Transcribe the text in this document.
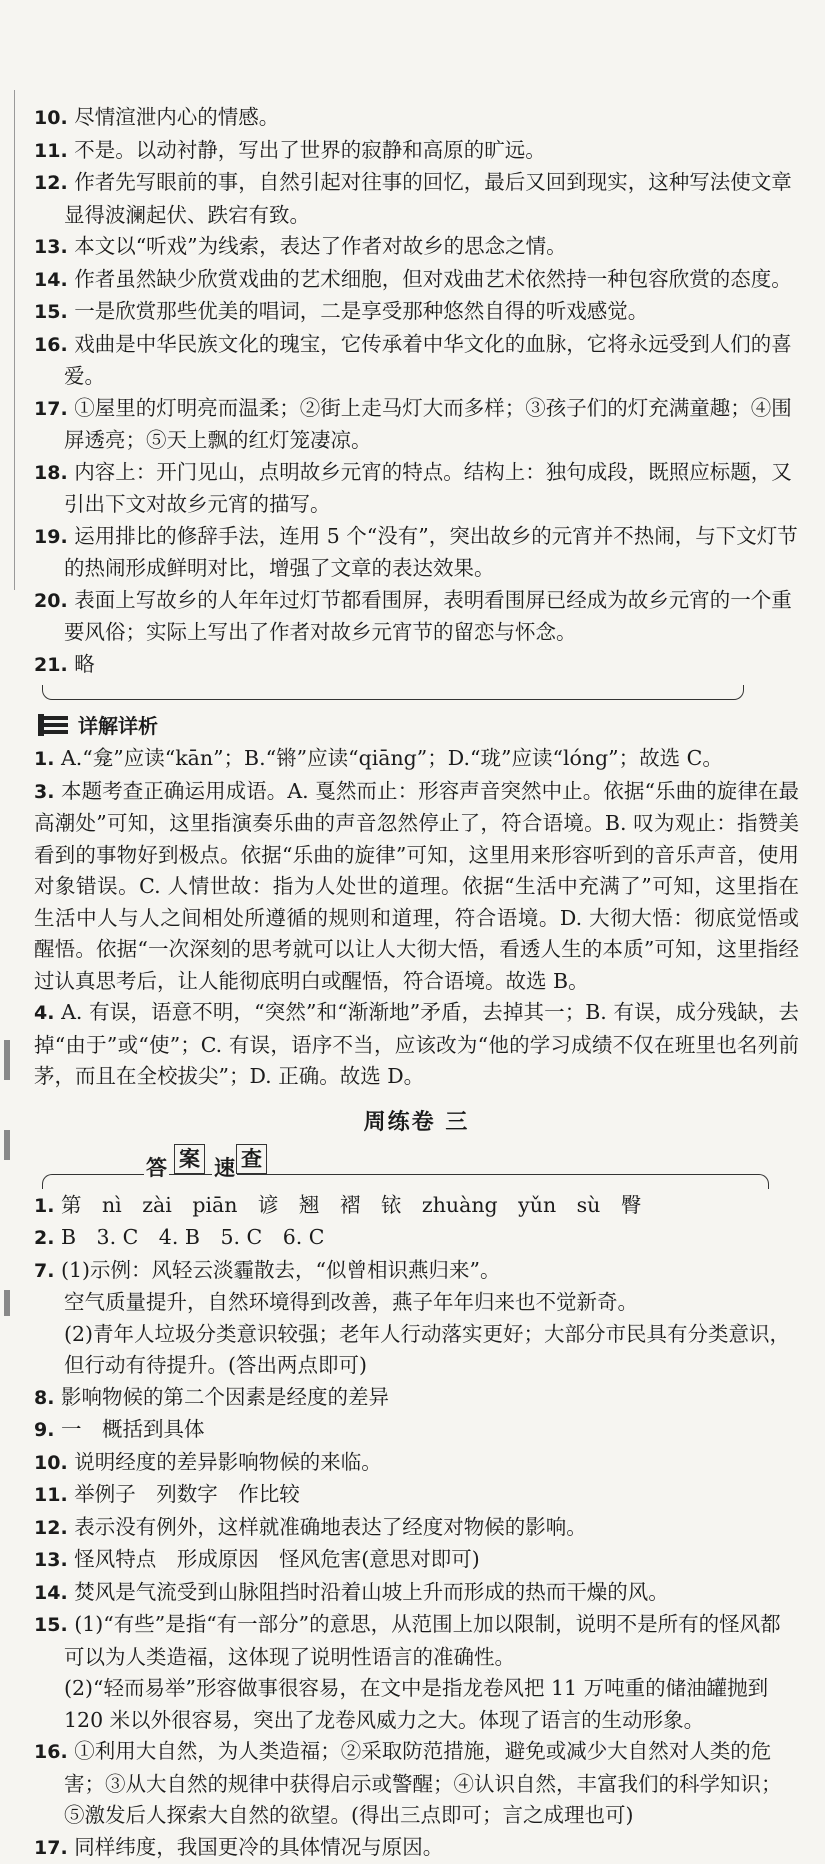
10. 尽情渲泄内心的情感。

11. 不是。以动衬静，写出了世界的寂静和高原的旷远。

12. 作者先写眼前的事，自然引起对往事的回忆，最后又回到现实，这种写法使文章显得波澜起伏、跌宕有致。

13. 本文以“听戏”为线索，表达了作者对故乡的思念之情。

14. 作者虽然缺少欣赏戏曲的艺术细胞，但对戏曲艺术依然持一种包容欣赏的态度。

15. 一是欣赏那些优美的唱词，二是享受那种悠然自得的听戏感觉。

16. 戏曲是中华民族文化的瑰宝，它传承着中华文化的血脉，它将永远受到人们的喜爱。

17. ①屋里的灯明亮而温柔；②街上走马灯大而多样；③孩子们的灯充满童趣；④围屏透亮；⑤天上飘的红灯笼凄凉。

18. 内容上：开门见山，点明故乡元宵的特点。结构上：独句成段，既照应标题，又引出下文对故乡元宵的描写。

19. 运用排比的修辞手法，连用 5 个“没有”，突出故乡的元宵并不热闹，与下文灯节的热闹形成鲜明对比，增强了文章的表达效果。

20. 表面上写故乡的人年年过灯节都看围屏，表明看围屏已经成为故乡元宵的一个重要风俗；实际上写出了作者对故乡元宵节的留恋与怀念。

21. 略

详解详析

1. A.“龛”应读“kān”；B.“锵”应读“qiāng”；D.“珑”应读“lóng”；故选 C。

3. 本题考查正确运用成语。A. 戛然而止：形容声音突然中止。依据“乐曲的旋律在最高潮处”可知，这里指演奏乐曲的声音忽然停止了，符合语境。B. 叹为观止：指赞美看到的事物好到极点。依据“乐曲的旋律”可知，这里用来形容听到的音乐声音，使用对象错误。C. 人情世故：指为人处世的道理。依据“生活中充满了”可知，这里指在生活中人与人之间相处所遵循的规则和道理，符合语境。D. 大彻大悟：彻底觉悟或醒悟。依据“一次深刻的思考就可以让人大彻大悟，看透人生的本质”可知，这里指经过认真思考后，让人能彻底明白或醒悟，符合语境。故选 B。

4. A. 有误，语意不明，“突然”和“渐渐地”矛盾，去掉其一；B. 有误，成分残缺，去掉“由于”或“使”；C. 有误，语序不当，应该改为“他的学习成绩不仅在班里也名列前茅，而且在全校拔尖”；D. 正确。故选 D。

周练卷 三
答 案 速 查

1. 第　nì　zài　piān　谚　翘　褶　铱　zhuàng　yǔn　sù　臀

2. B　3. C　4. B　5. C　6. C

7. (1)示例：风轻云淡霾散去，“似曾相识燕归来”。
空气质量提升，自然环境得到改善，燕子年年归来也不觉新奇。
(2)青年人垃圾分类意识较强；老年人行动落实更好；大部分市民具有分类意识，但行动有待提升。(答出两点即可)

8. 影响物候的第二个因素是经度的差异

9. 一　概括到具体

10. 说明经度的差异影响物候的来临。

11. 举例子　列数字　作比较

12. 表示没有例外，这样就准确地表达了经度对物候的影响。

13. 怪风特点　形成原因　怪风危害(意思对即可)

14. 焚风是气流受到山脉阻挡时沿着山坡上升而形成的热而干燥的风。

15. (1)“有些”是指“有一部分”的意思，从范围上加以限制，说明不是所有的怪风都可以为人类造福，这体现了说明性语言的准确性。
(2)“轻而易举”形容做事很容易，在文中是指龙卷风把 11 万吨重的储油罐抛到 120 米以外很容易，突出了龙卷风威力之大。体现了语言的生动形象。

16. ①利用大自然，为人类造福；②采取防范措施，避免或减少大自然对人类的危害；③从大自然的规律中获得启示或警醒；④认识自然，丰富我们的科学知识；⑤激发后人探索大自然的欲望。(得出三点即可；言之成理也可)

17. 同样纬度，我国更冷的具体情况与原因。
